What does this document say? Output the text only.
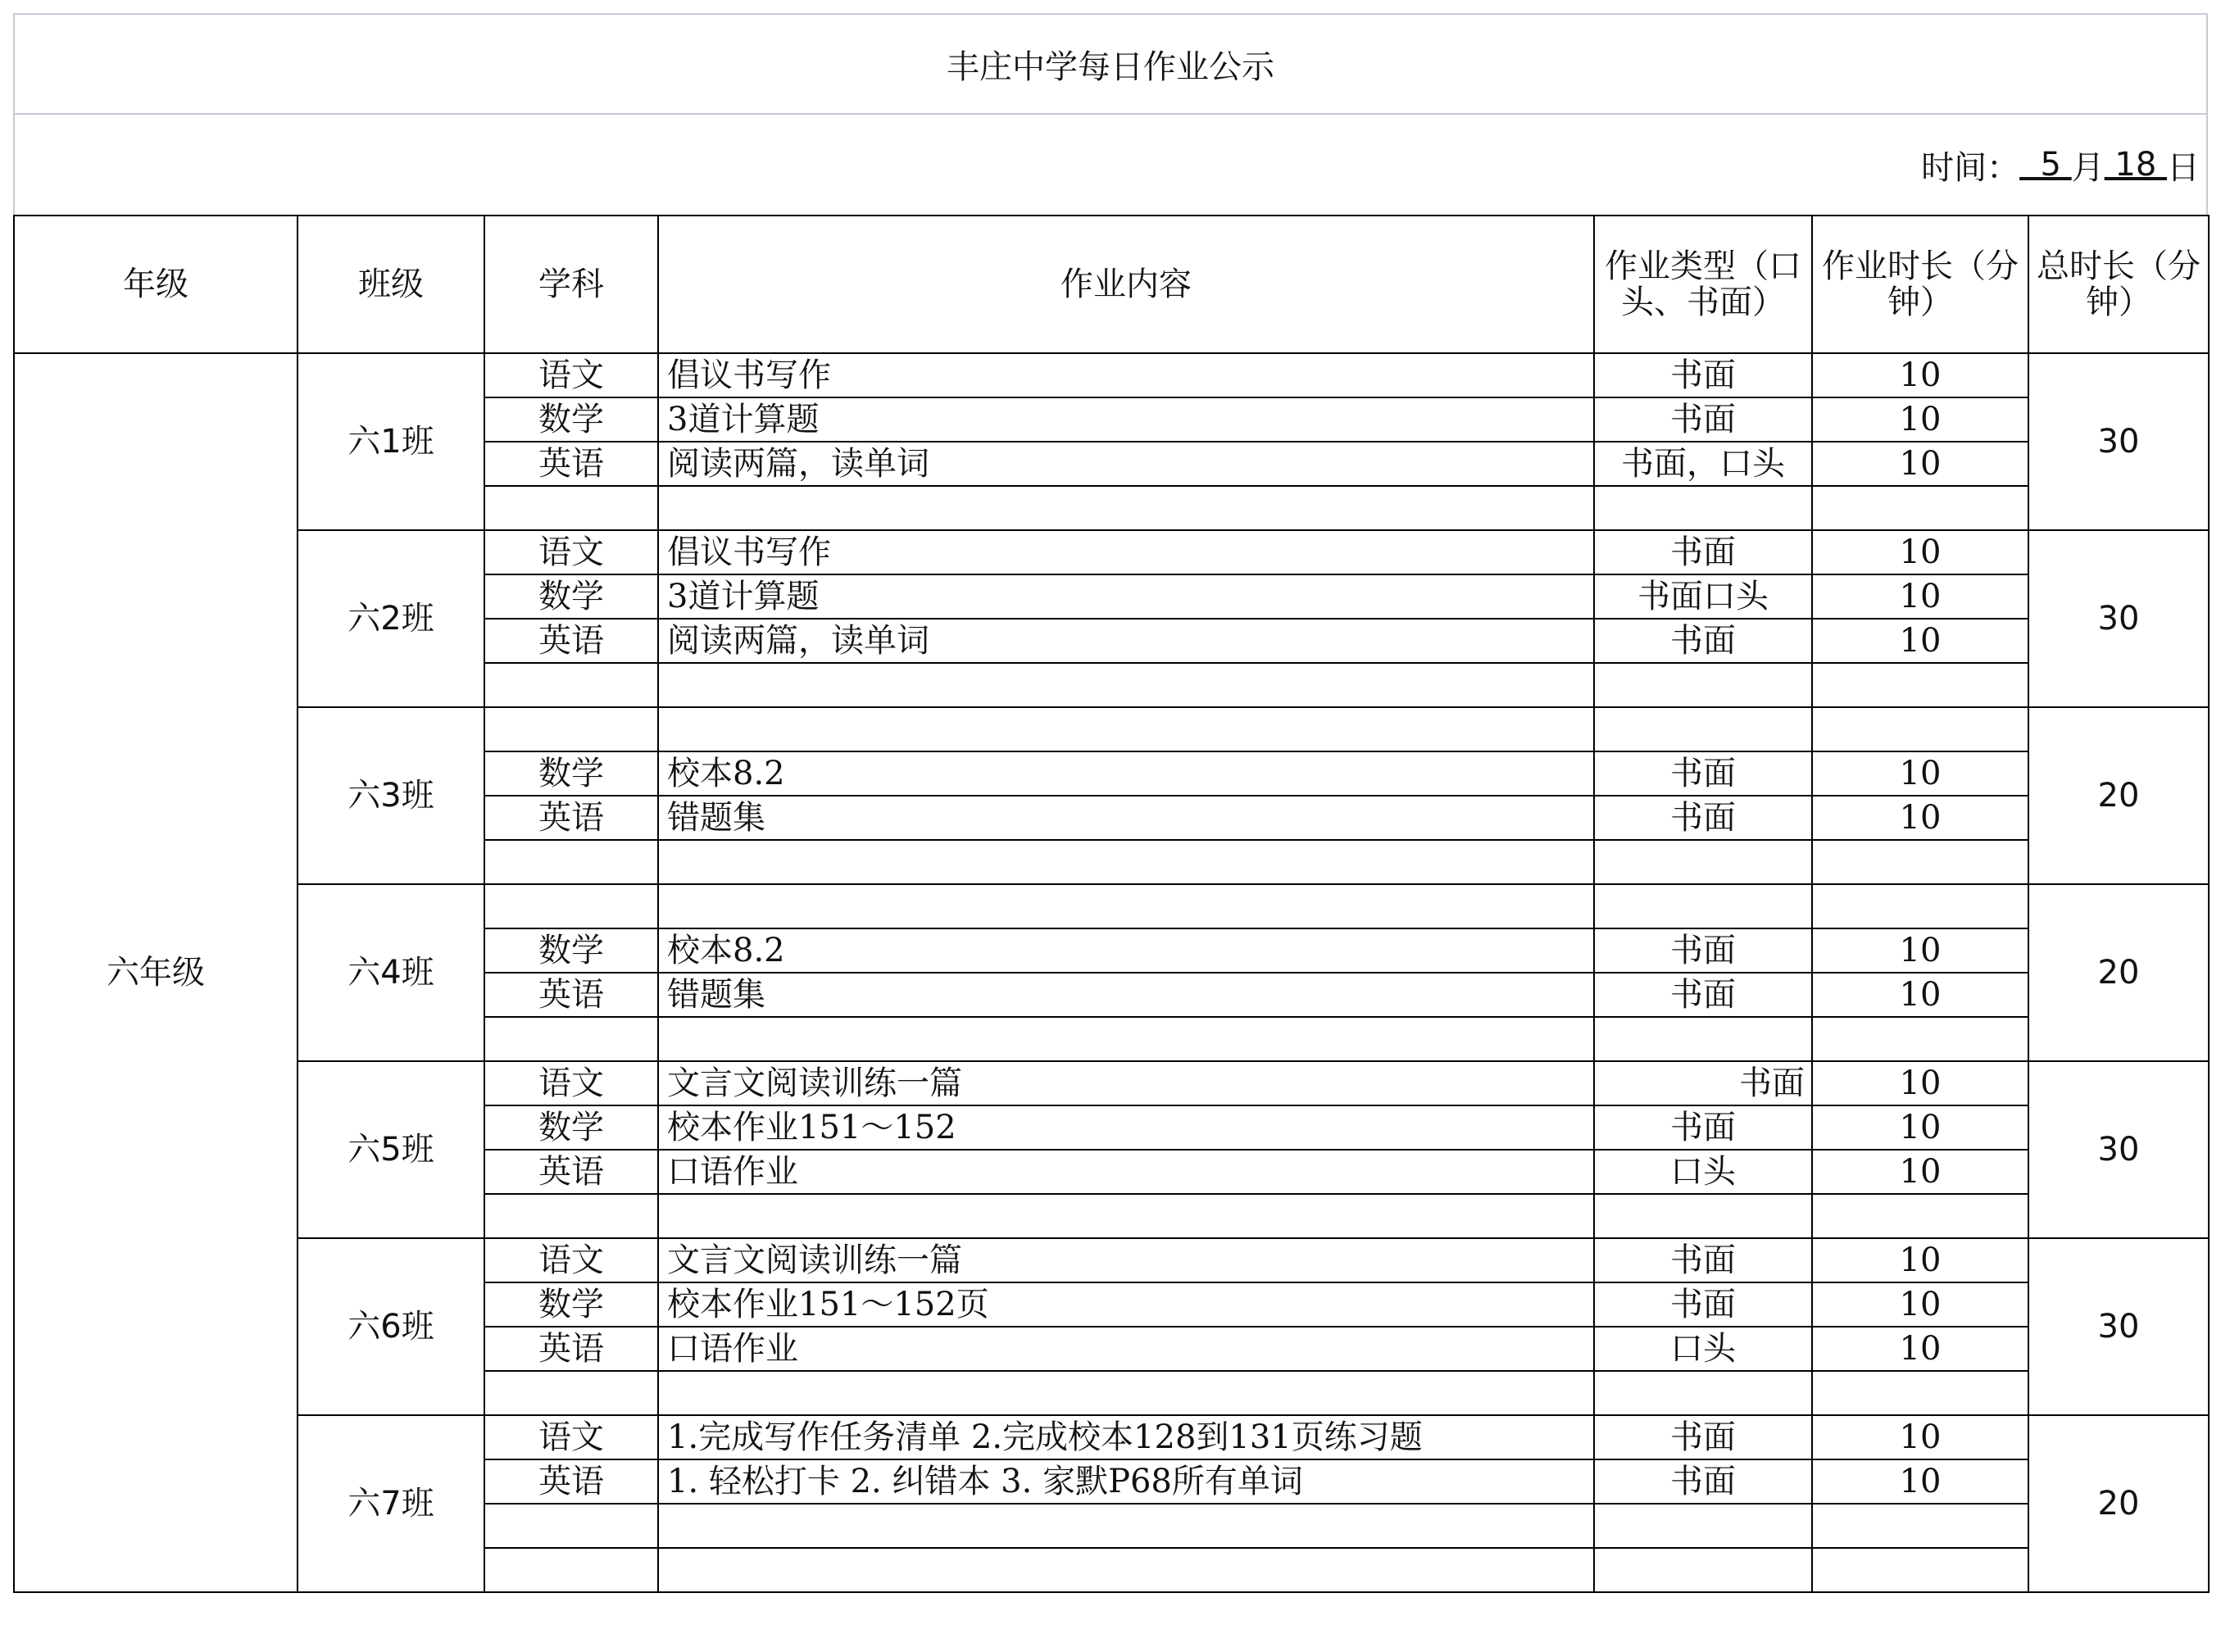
丰庄中学每日作业公示
时间： 5 月 18 日
年级	班级	学科	作业内容	作业类型（口头、书面）	作业时长（分钟）	总时长（分钟）
六年级	六1班	语文	倡议书写作	书面	10	30
		数学	3道计算题	书面	10	
		英语	阅读两篇，读单词	书面，口头	10	

	六2班	语文	倡议书写作	书面	10	30
		数学	3道计算题	书面口头	10	
		英语	阅读两篇，读单词	书面	10	

	六3班					20
		数学	校本8.2	书面	10	
		英语	错题集	书面	10	

	六4班					20
		数学	校本8.2	书面	10	
		英语	错题集	书面	10	

	六5班	语文	文言文阅读训练一篇	书面	10	30
		数学	校本作业151～152	书面	10	
		英语	口语作业	口头	10	

	六6班	语文	文言文阅读训练一篇	书面	10	30
		数学	校本作业151～152页	书面	10	
		英语	口语作业	口头	10	

	六7班	语文	1.完成写作任务清单 2.完成校本128到131页练习题	书面	10	20
		英语	1. 轻松打卡 2. 纠错本 3. 家默P68所有单词	书面	10	
